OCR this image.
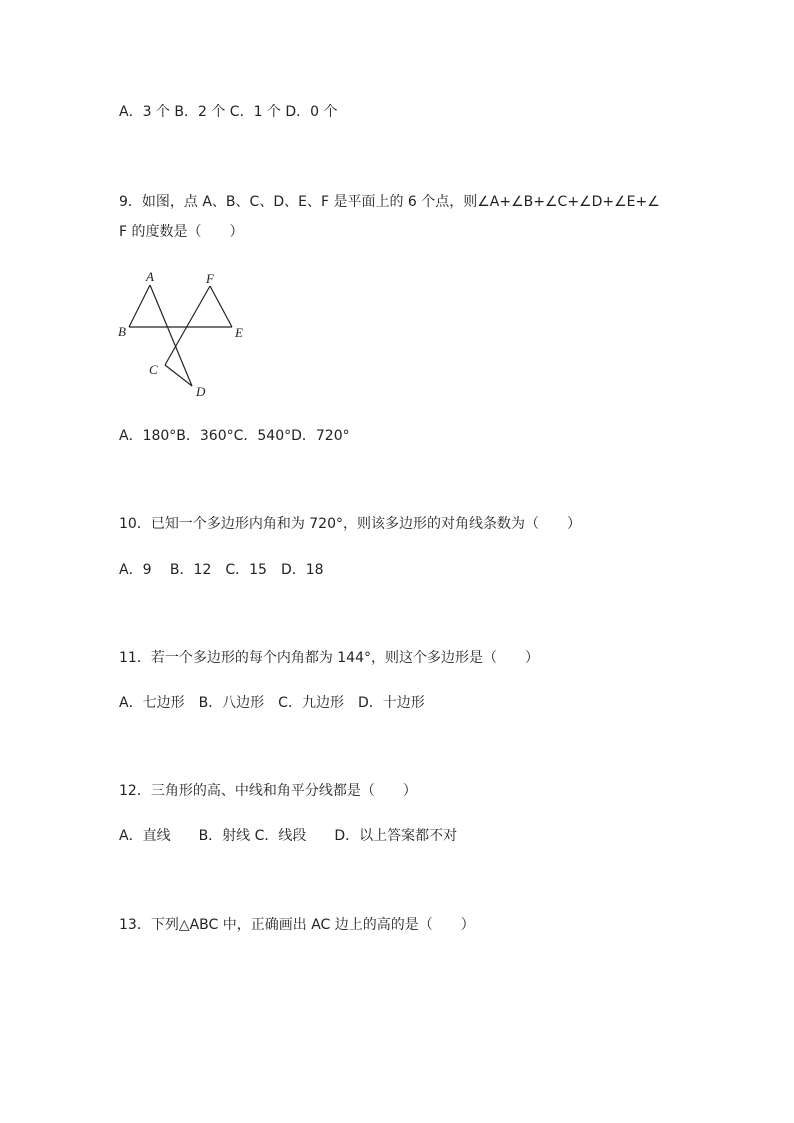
A．3 个 B．2 个 C．1 个 D．0 个
9．如图，点 A、B、C、D、E、F 是平面上的 6 个点，则∠A+∠B+∠C+∠D+∠E+∠
F 的度数是（　　）
A	F
B	E
C
D
A．180°B．360°C．540°D．720°
10．已知一个多边形内角和为 720°，则该多边形的对角线条数为（　　）
A．9　 B．12　C．15　D．18
11．若一个多边形的每个内角都为 144°，则这个多边形是（　　）
A．七边形　B．八边形　C．九边形　D．十边形
12．三角形的高、中线和角平分线都是（　　）
A．直线　　B．射线 C．线段　　D．以上答案都不对
13．下列△ABC 中，正确画出 AC 边上的高的是（　　）
